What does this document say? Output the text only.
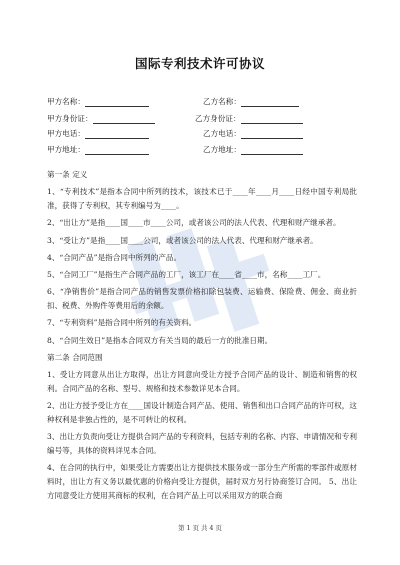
国际专利技术许可协议
甲方名称：	乙方名称：
甲方身份证：	乙方身份证：
甲方电话：	乙方电话：
甲方地址：	乙方地址：

第一条 定义

1、“专利技术”是指本合同中所列的技术，该技术已于____年____月____日经中国专利局批准，获得了专利权，其专利编号为____。

2、“出让方”是指____国____市____公司，或者该公司的法人代表、代理和财产继承者。

3、“受让方”是指____国____公司，或者该公司的法人代表、代理和财产继承者。

4、“合同产品”是指合同中所列的产品。

5、“合同工厂”是指生产合同产品的工厂，该工厂在____省____市，名称____工厂。

6、“净销售价”是指合同产品的销售发票价格扣除包装费、运输费、保险费、佣金、商业折扣、税费、外购件等费用后的余额。

7、“专利资料”是指合同中所列的有关资料。

8、“合同生效日”是指本合同双方有关当局的最后一方的批准日期。

第二条 合同范围

1、受让方同意从出让方取得，出让方同意向受让方授予合同产品的设计、制造和销售的权利。合同产品的名称、型号、规格和技术参数详见本合同。

2、出让方授予受让方在____国设计制造合同产品、使用、销售和出口合同产品的许可权，这种权利是非独占性的，是不可转让的权利。

3、出让方负责向受让方提供合同产品的专利资料，包括专利的名称、内容、申请情况和专利编号等，具体的资料详见本合同。

4、在合同的执行中，如果受让方需要出让方提供技术服务或一部分生产所需的零部件或原材料时，出让方有义务以最优惠的价格向受让方提供，届时双方另行协商签订合同。 5、出让方同意受让方使用其商标的权利，在合同产品上可以采用双方的联合商

第 1 页 共 4 页
